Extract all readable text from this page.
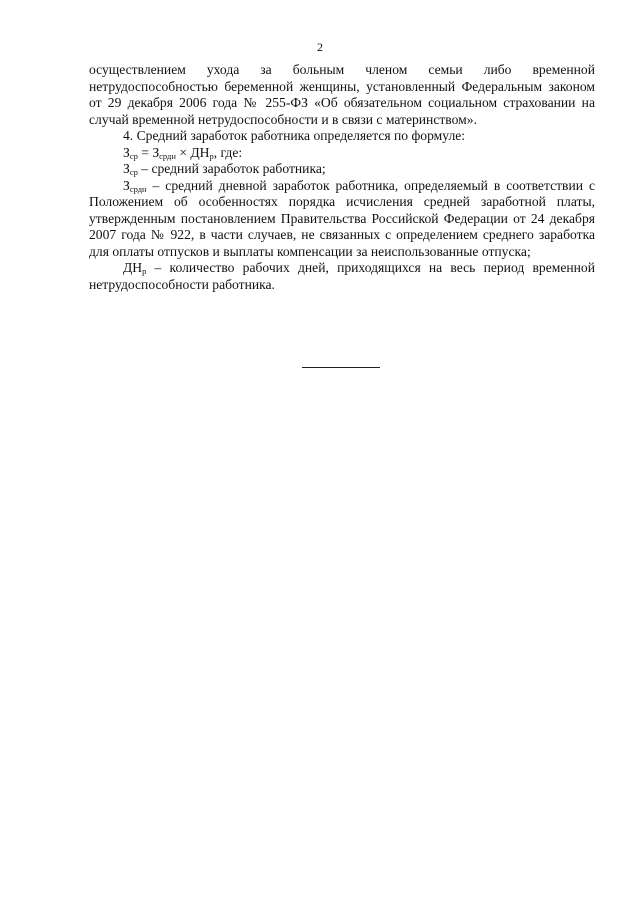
2

осуществлением ухода за больным членом семьи либо временной нетрудоспособностью беременной женщины, установленный Федеральным законом от 29 декабря 2006 года № 255-ФЗ «Об обязательном социальном страховании на случай временной нетрудоспособности и в связи с материнством».

4. Средний заработок работника определяется по формуле:

$З_{ср} = З_{срдн} \times ДН_р$, где:

$З_{ср}$ – средний заработок работника;

$З_{срдн}$ – средний дневной заработок работника, определяемый в соответствии с Положением об особенностях порядка исчисления средней заработной платы, утвержденным постановлением Правительства Российской Федерации от 24 декабря 2007 года № 922, в части случаев, не связанных с определением среднего заработка для оплаты отпусков и выплаты компенсации за неиспользованные отпуска;

$ДН_р$ – количество рабочих дней, приходящихся на весь период временной нетрудоспособности работника.
